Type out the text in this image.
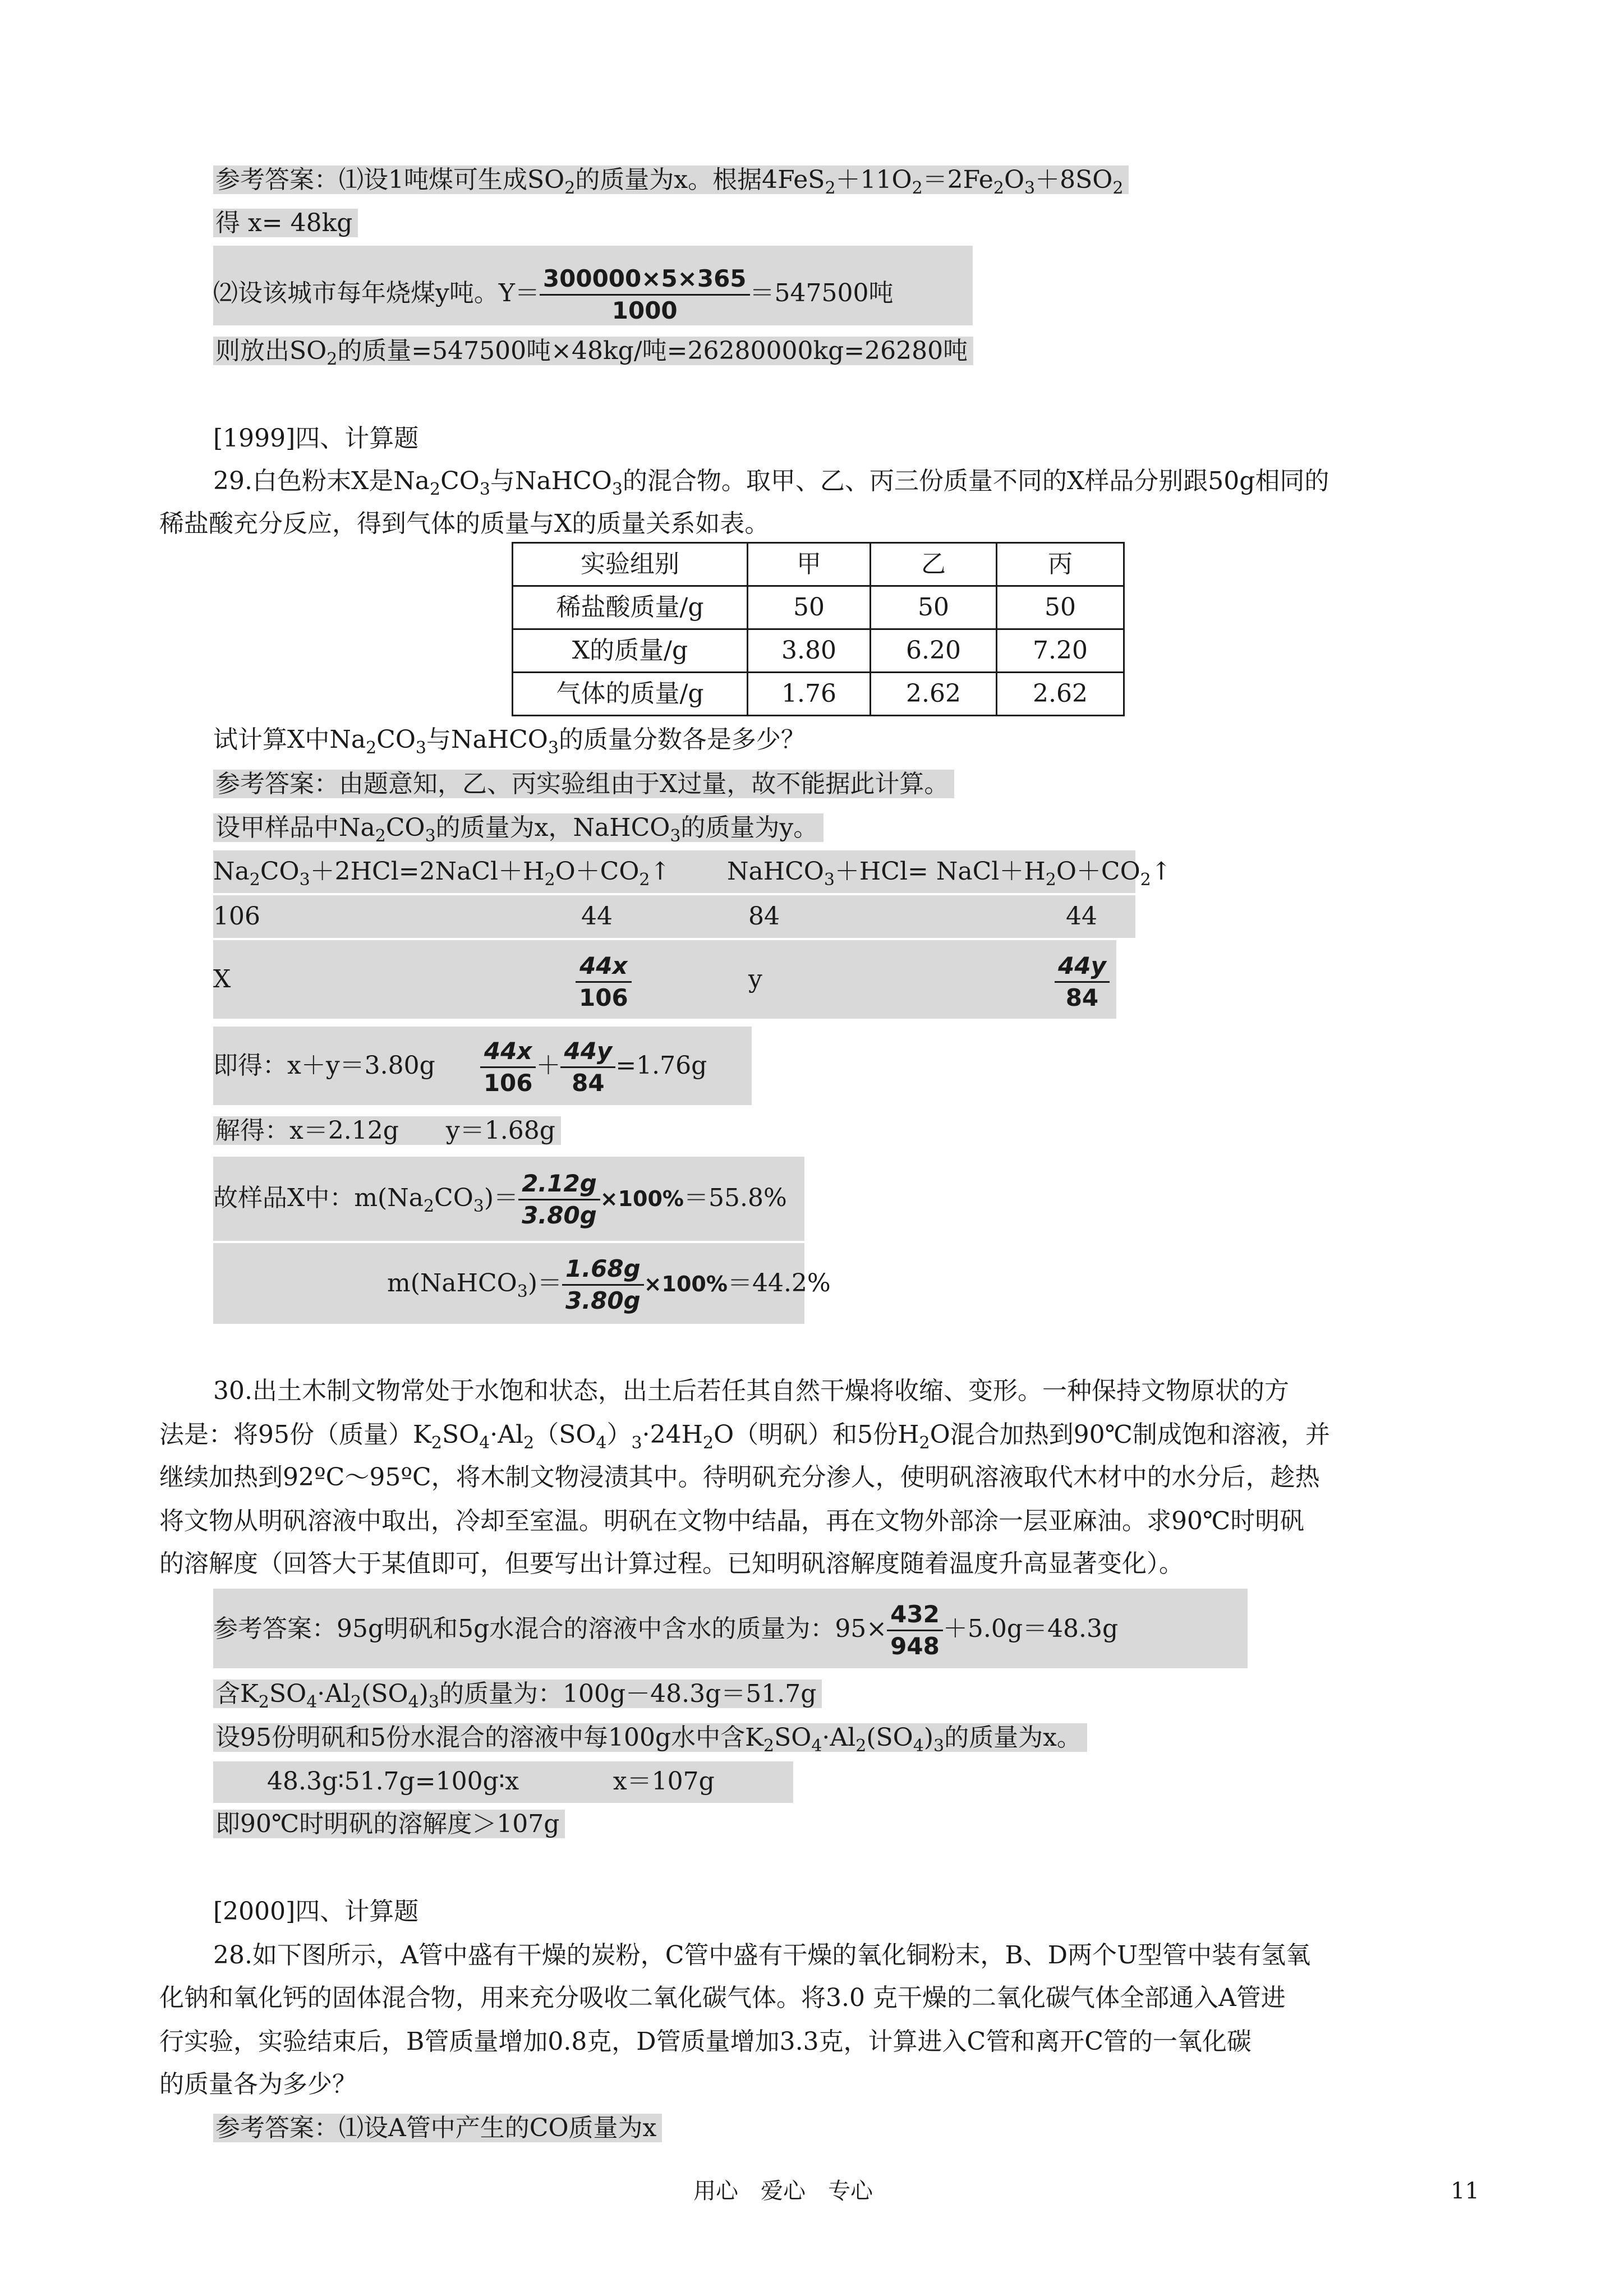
参考答案：⑴设1吨煤可生成$SO_2$的质量为x。根据$4FeS_2+11O_2=2Fe_2O_3+8SO_2$
得 x= 48kg
⑵设该城市每年烧煤y吨。$Y= \frac{300000\times 5\times 365}{1000} =547500$吨
则放出$SO_2$的质量=547500吨×48kg/吨=26280000kg=26280吨
[1999]四、计算题
29.白色粉末X是$Na_2CO_3$与NaHCO$_3$的混合物。取甲、乙、丙三份质量不同的X样品分别跟50g相同的
稀盐酸充分反应，得到气体的质量与X的质量关系如表。
实验组别	甲	乙	丙
稀盐酸质量/g	50	50	50
X的质量/g	3.80	6.20	7.20
气体的质量/g	1.76	2.62	2.62
试计算X中$Na_2CO_3$与NaHCO$_3$的质量分数各是多少？
参考答案：由题意知，乙、丙实验组由于X过量，故不能据此计算。
设甲样品中$Na_2CO_3$的质量为x，NaHCO$_3$的质量为y。
$Na_2CO_3+2HCl=2NaCl+H_2O+CO_2↑$ NaHCO$_3$＋HCl= $NaCl+H_2O+CO_2↑$
106	44	84	44
X	$\frac{44x}{106}$	y	$\frac{44y}{84}$
即得：$x+y=3.80g \frac{44x}{106} + \frac{44y}{84} =1.76g$
解得：x＝2.12g      y＝1.68g
故样品X中：$m(Na_2CO_3)= \frac{2.12g}{3.80g} \times 100\%=55.8\%$
m(NaHCO$_3$)＝ $\frac{1.68g}{3.80g} \times 100\%=44.2\%$
30.出土木制文物常处于水饱和状态，出土后若任其自然干燥将收缩、变形。一种保持文物原状的方
法是：将95份（质量）$K_2SO_4\cdot Al_2(SO_4)_3\cdot 24H_2O$（明矾）和5份$H_2O$混合加热到90℃制成饱和溶液，并
继续加热到92ºC～95ºC，将木制文物浸渍其中。待明矾充分渗人，使明矾溶液取代木材中的水分后，趁热
将文物从明矾溶液中取出，冷却至室温。明矾在文物中结晶，再在文物外部涂一层亚麻油。求90℃时明矾
的溶解度（回答大于某值即可，但要写出计算过程。已知明矾溶解度随着温度升高显著变化）。
参考答案：95g明矾和5g水混合的溶液中含水的质量为：$95\times \frac{432}{948} +5.0g=48.3g$
含$K_2SO_4\cdot Al_2(SO_4)_3$的质量为：100g－48.3g＝51.7g
设95份明矾和5份水混合的溶液中每100g水中含$K_2SO_4\cdot Al_2(SO_4)_3$的质量为x。
48.3g∶51.7g=100g∶x            x＝107g
即90℃时明矾的溶解度＞107g
[2000]四、计算题
28.如下图所示，A管中盛有干燥的炭粉，C管中盛有干燥的氧化铜粉末，B、D两个U型管中装有氢氧
化钠和氧化钙的固体混合物，用来充分吸收二氧化碳气体。将3.0 克干燥的二氧化碳气体全部通入A管进
行实验，实验结束后，B管质量增加0.8克，D管质量增加3.3克，计算进入C管和离开C管的一氧化碳
的质量各为多少？
参考答案：⑴设A管中产生的CO质量为x
用心　爱心　专心	11
